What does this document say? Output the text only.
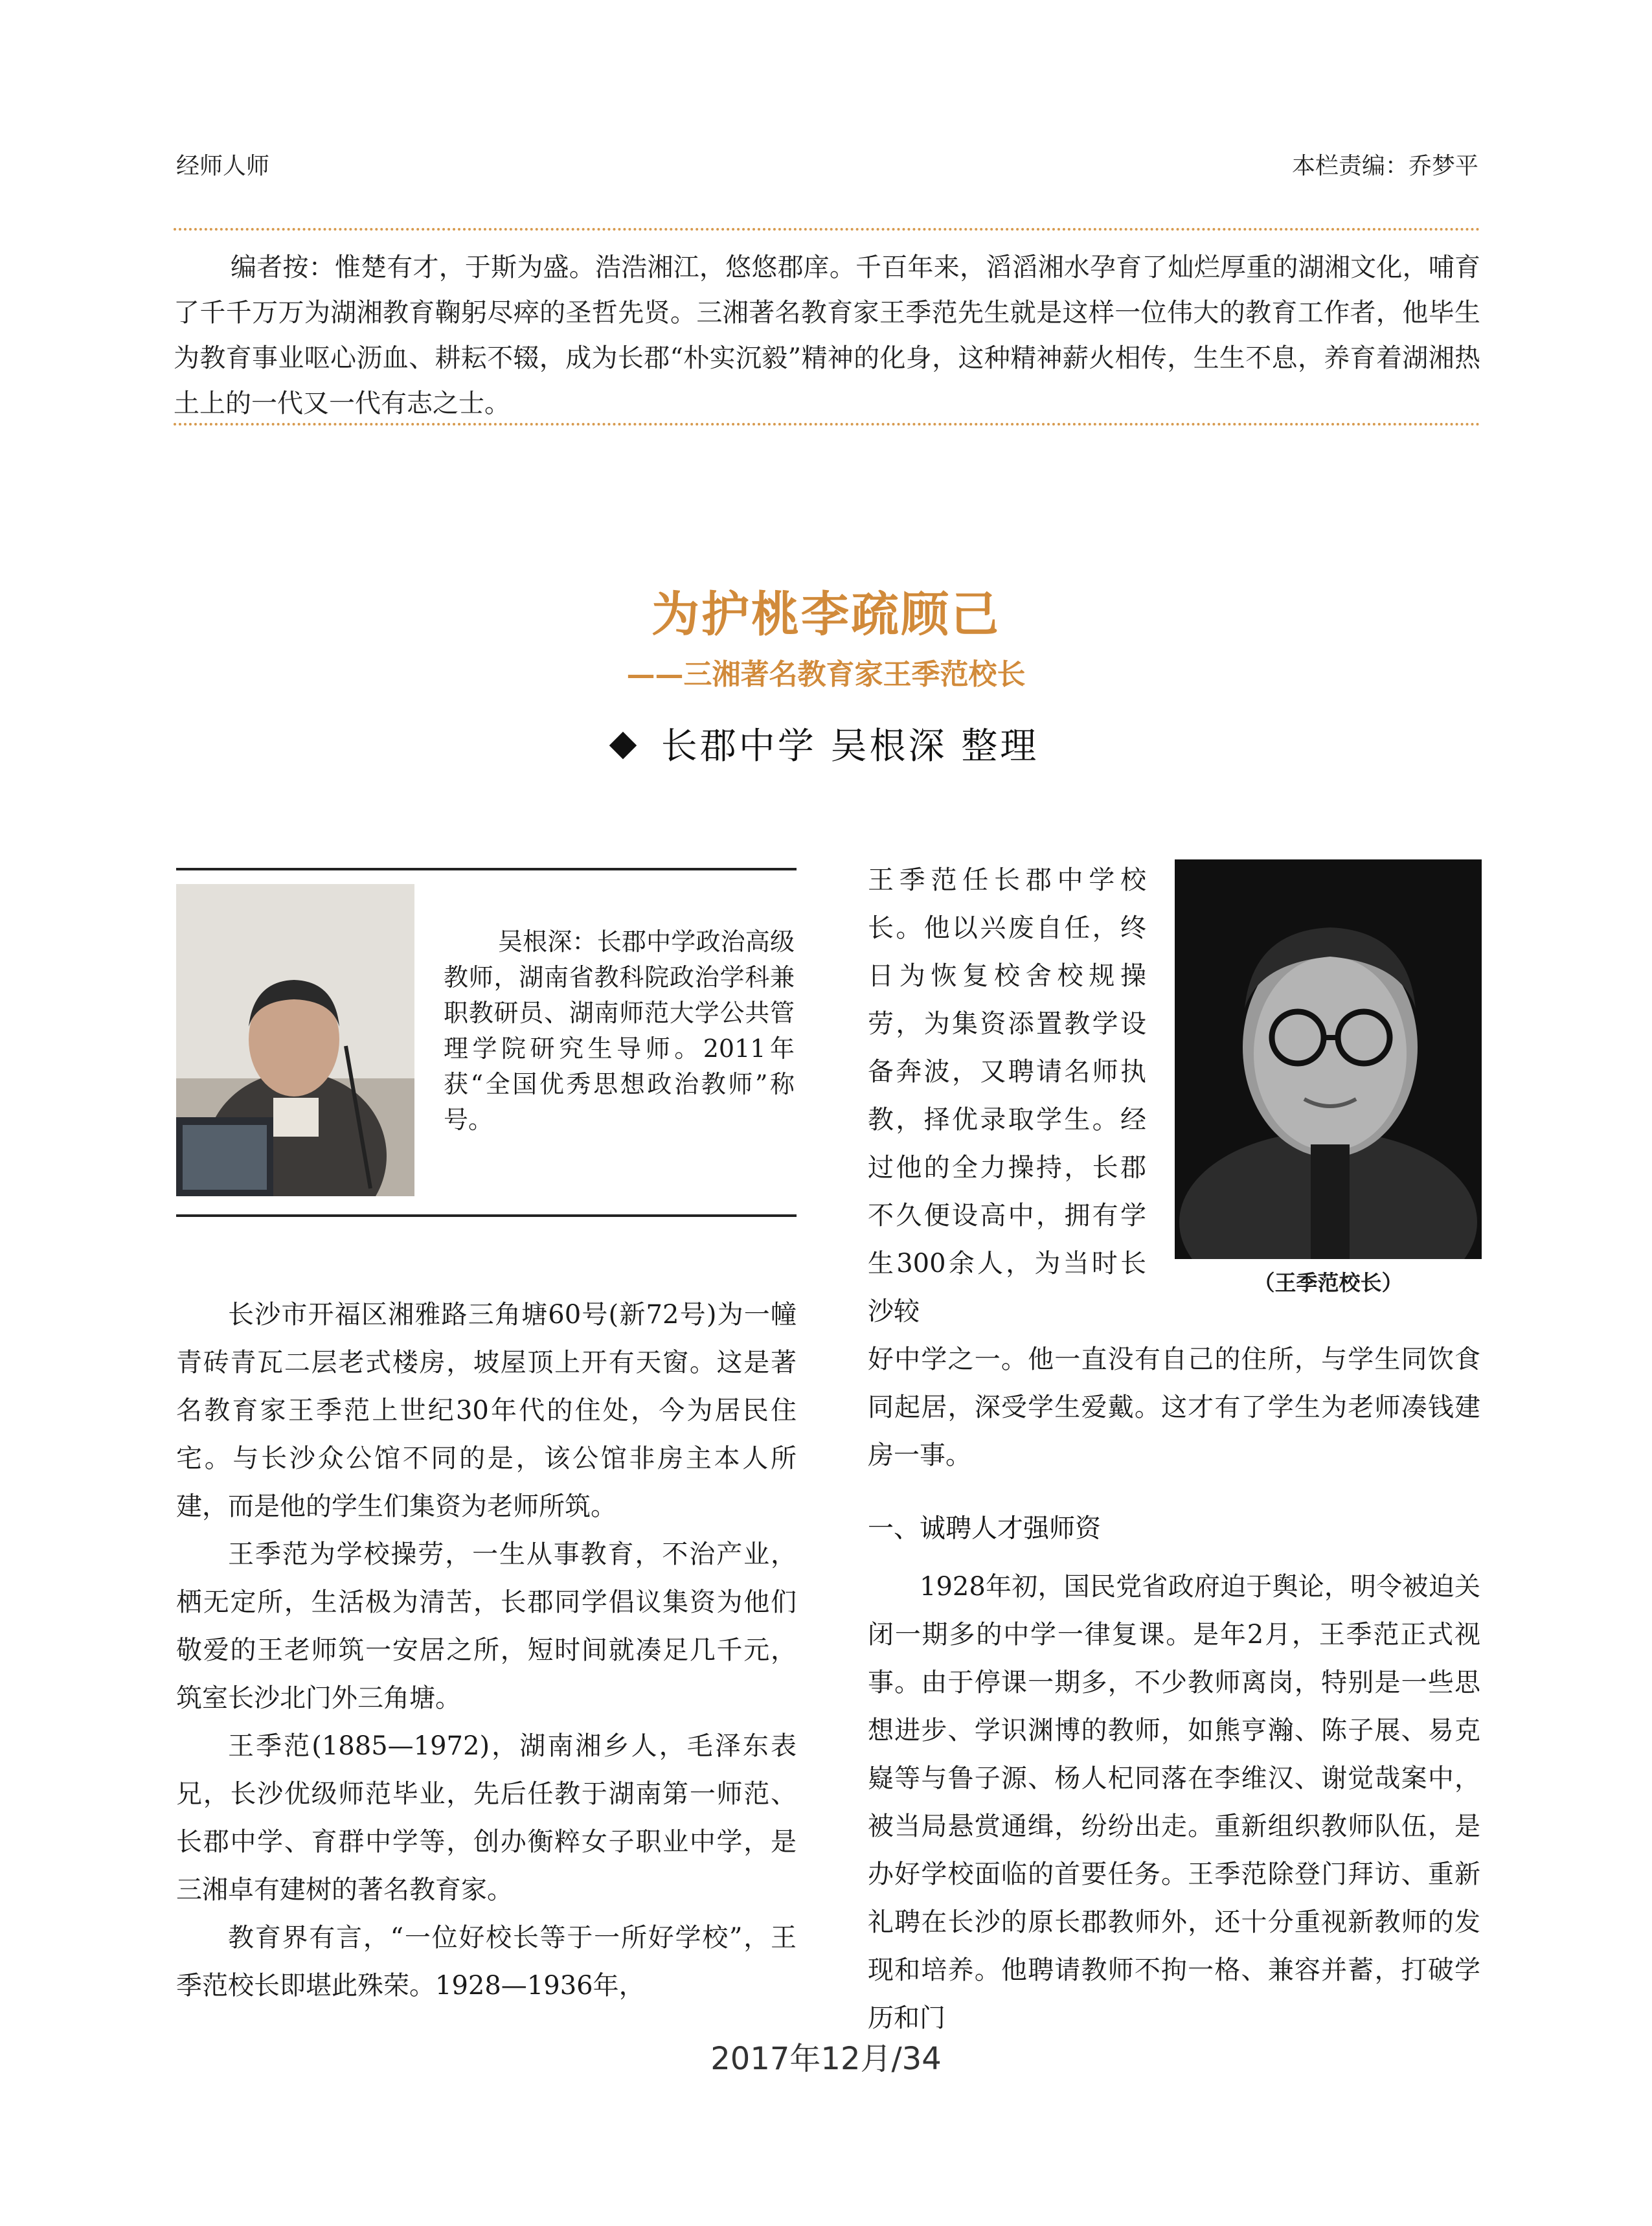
经师人师	本栏责编：乔梦平

编者按：惟楚有才，于斯为盛。浩浩湘江，悠悠郡庠。千百年来，滔滔湘水孕育了灿烂厚重的湖湘文化，哺育了千千万万为湖湘教育鞠躬尽瘁的圣哲先贤。三湘著名教育家王季范先生就是这样一位伟大的教育工作者，他毕生为教育事业呕心沥血、耕耘不辍，成为长郡“朴实沉毅”精神的化身，这种精神薪火相传，生生不息，养育着湖湘热土上的一代又一代有志之士。

为护桃李疏顾己
——三湘著名教育家王季范校长
长郡中学 吴根深 整理

吴根深：长郡中学政治高级教师，湖南省教科院政治学科兼职教研员、湖南师范大学公共管理学院研究生导师。2011年获“全国优秀思想政治教师”称号。

长沙市开福区湘雅路三角塘60号(新72号)为一幢青砖青瓦二层老式楼房，坡屋顶上开有天窗。这是著名教育家王季范上世纪30年代的住处，今为居民住宅。与长沙众公馆不同的是，该公馆非房主本人所建，而是他的学生们集资为老师所筑。

王季范为学校操劳，一生从事教育，不治产业，栖无定所，生活极为清苦，长郡同学倡议集资为他们敬爱的王老师筑一安居之所，短时间就凑足几千元，筑室长沙北门外三角塘。

王季范(1885—1972)，湖南湘乡人，毛泽东表兄，长沙优级师范毕业，先后任教于湖南第一师范、长郡中学、育群中学等，创办衡粹女子职业中学，是三湘卓有建树的著名教育家。

教育界有言，“一位好校长等于一所好学校”，王季范校长即堪此殊荣。1928—1936年，

王季范任长郡中学校长。他以兴废自任，终日为恢复校舍校规操劳，为集资添置教学设备奔波，又聘请名师执教，择优录取学生。经过他的全力操持，长郡不久便设高中，拥有学生300余人，为当时长沙较

（王季范校长）

好中学之一。他一直没有自己的住所，与学生同饮食同起居，深受学生爱戴。这才有了学生为老师凑钱建房一事。

一、诚聘人才强师资

1928年初，国民党省政府迫于舆论，明令被迫关闭一期多的中学一律复课。是年2月，王季范正式视事。由于停课一期多，不少教师离岗，特别是一些思想进步、学识渊博的教师，如熊亨瀚、陈子展、易克嶷等与鲁子源、杨人杞同落在李维汉、谢觉哉案中，被当局悬赏通缉，纷纷出走。重新组织教师队伍，是办好学校面临的首要任务。王季范除登门拜访、重新礼聘在长沙的原长郡教师外，还十分重视新教师的发现和培养。他聘请教师不拘一格、兼容并蓄，打破学历和门

2017年12月/34
